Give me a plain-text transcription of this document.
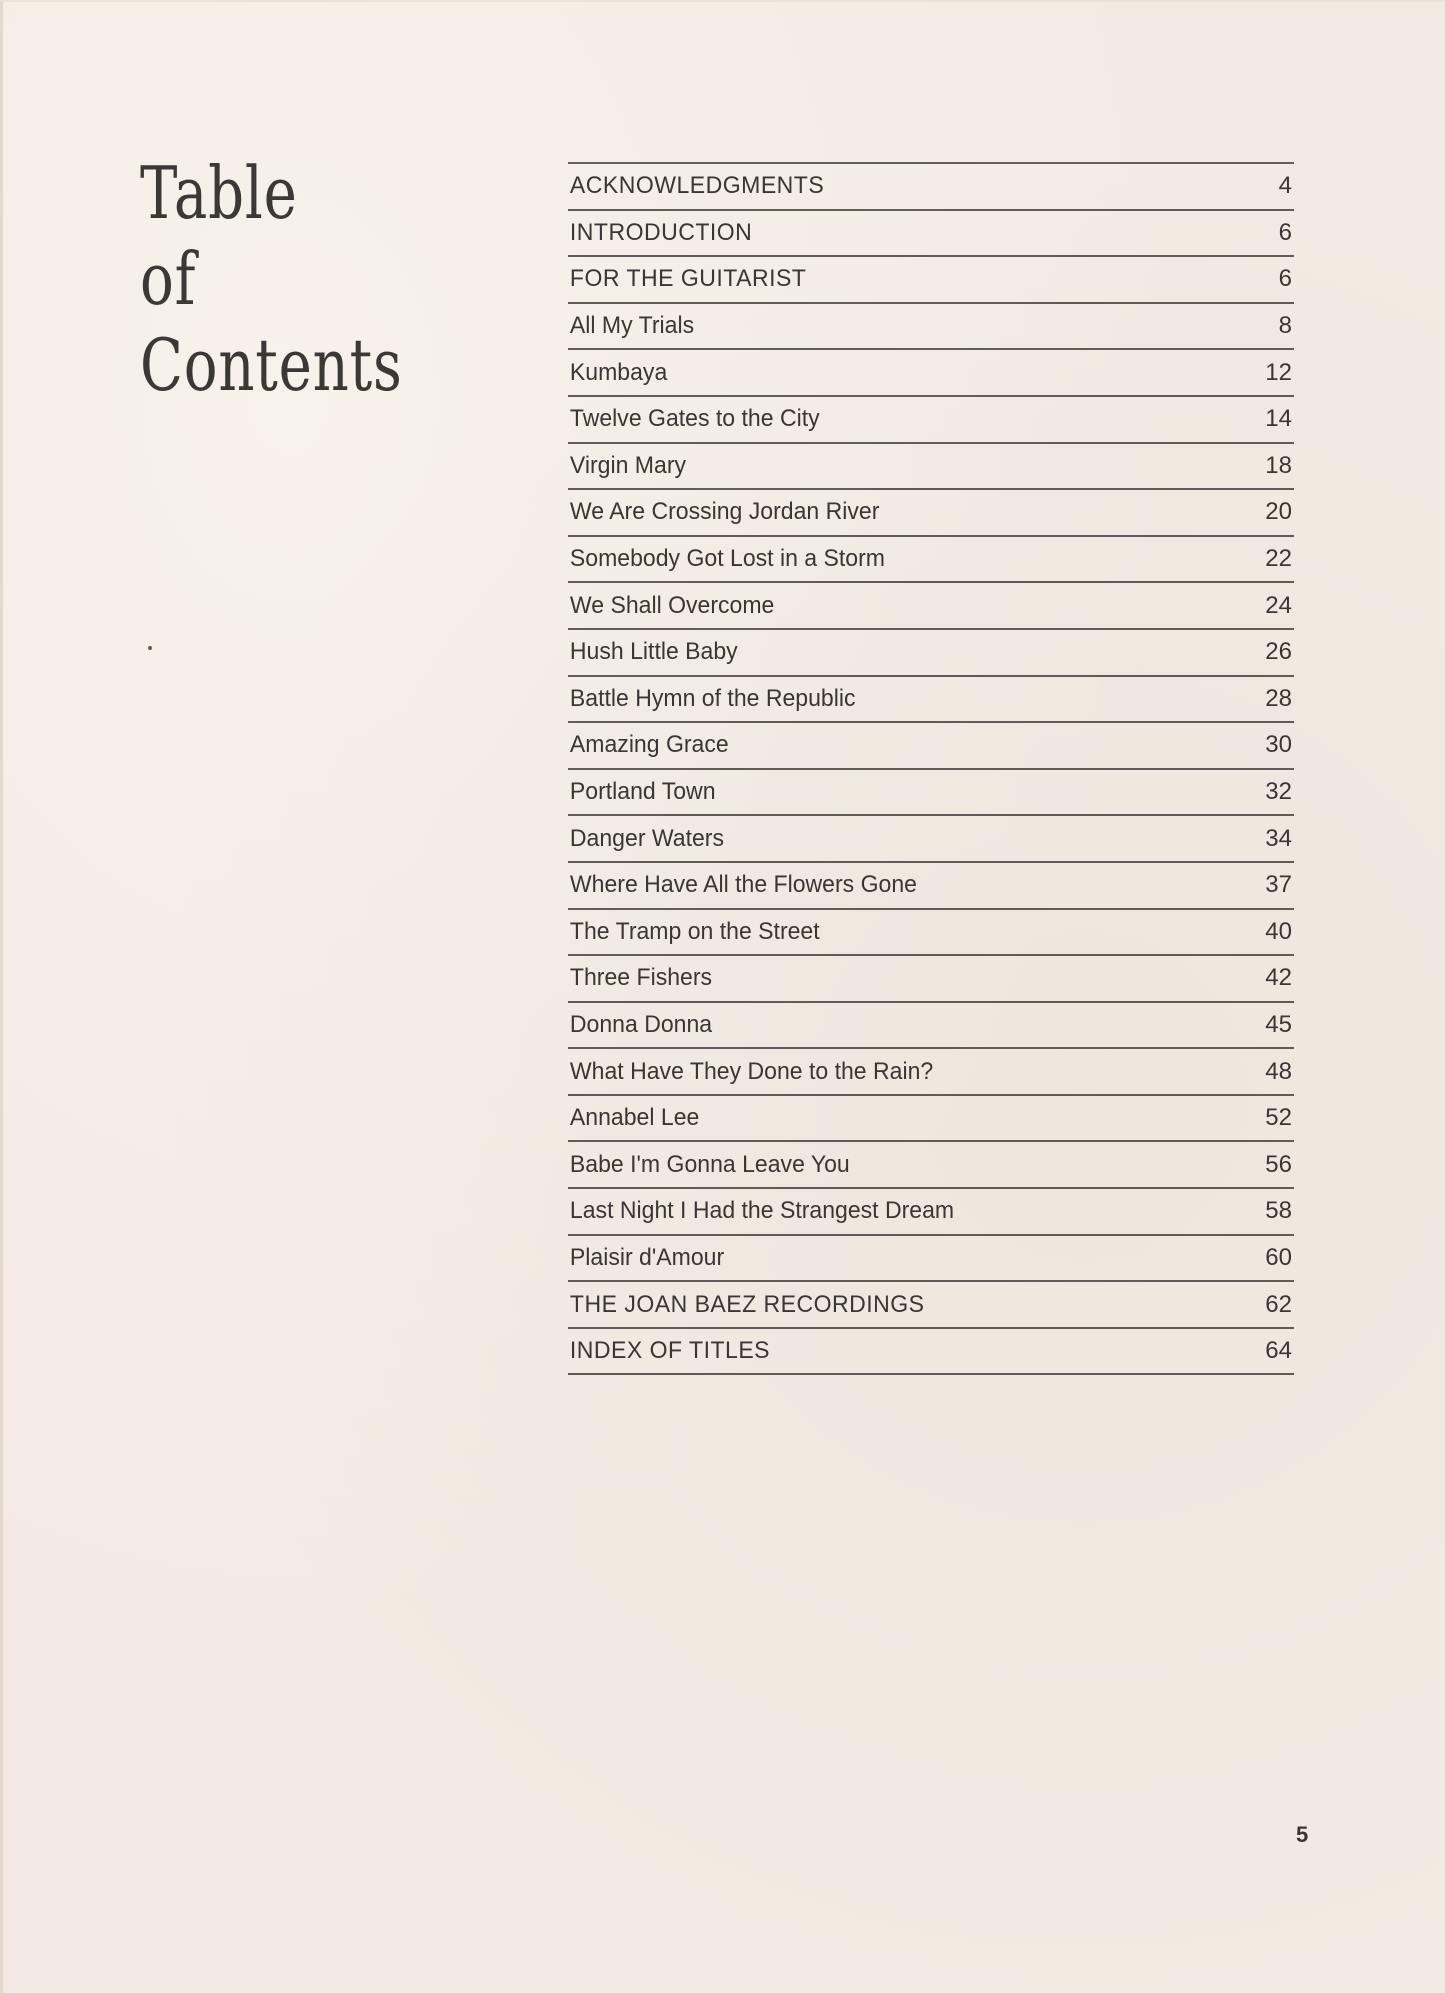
Table
of
Contents
ACKNOWLEDGMENTS	4
INTRODUCTION	6
FOR THE GUITARIST	6
All My Trials	8
Kumbaya	12
Twelve Gates to the City	14
Virgin Mary	18
We Are Crossing Jordan River	20
Somebody Got Lost in a Storm	22
We Shall Overcome	24
Hush Little Baby	26
Battle Hymn of the Republic	28
Amazing Grace	30
Portland Town	32
Danger Waters	34
Where Have All the Flowers Gone	37
The Tramp on the Street	40
Three Fishers	42
Donna Donna	45
What Have They Done to the Rain?	48
Annabel Lee	52
Babe I'm Gonna Leave You	56
Last Night I Had the Strangest Dream	58
Plaisir d'Amour	60
THE JOAN BAEZ RECORDINGS	62
INDEX OF TITLES	64
5
